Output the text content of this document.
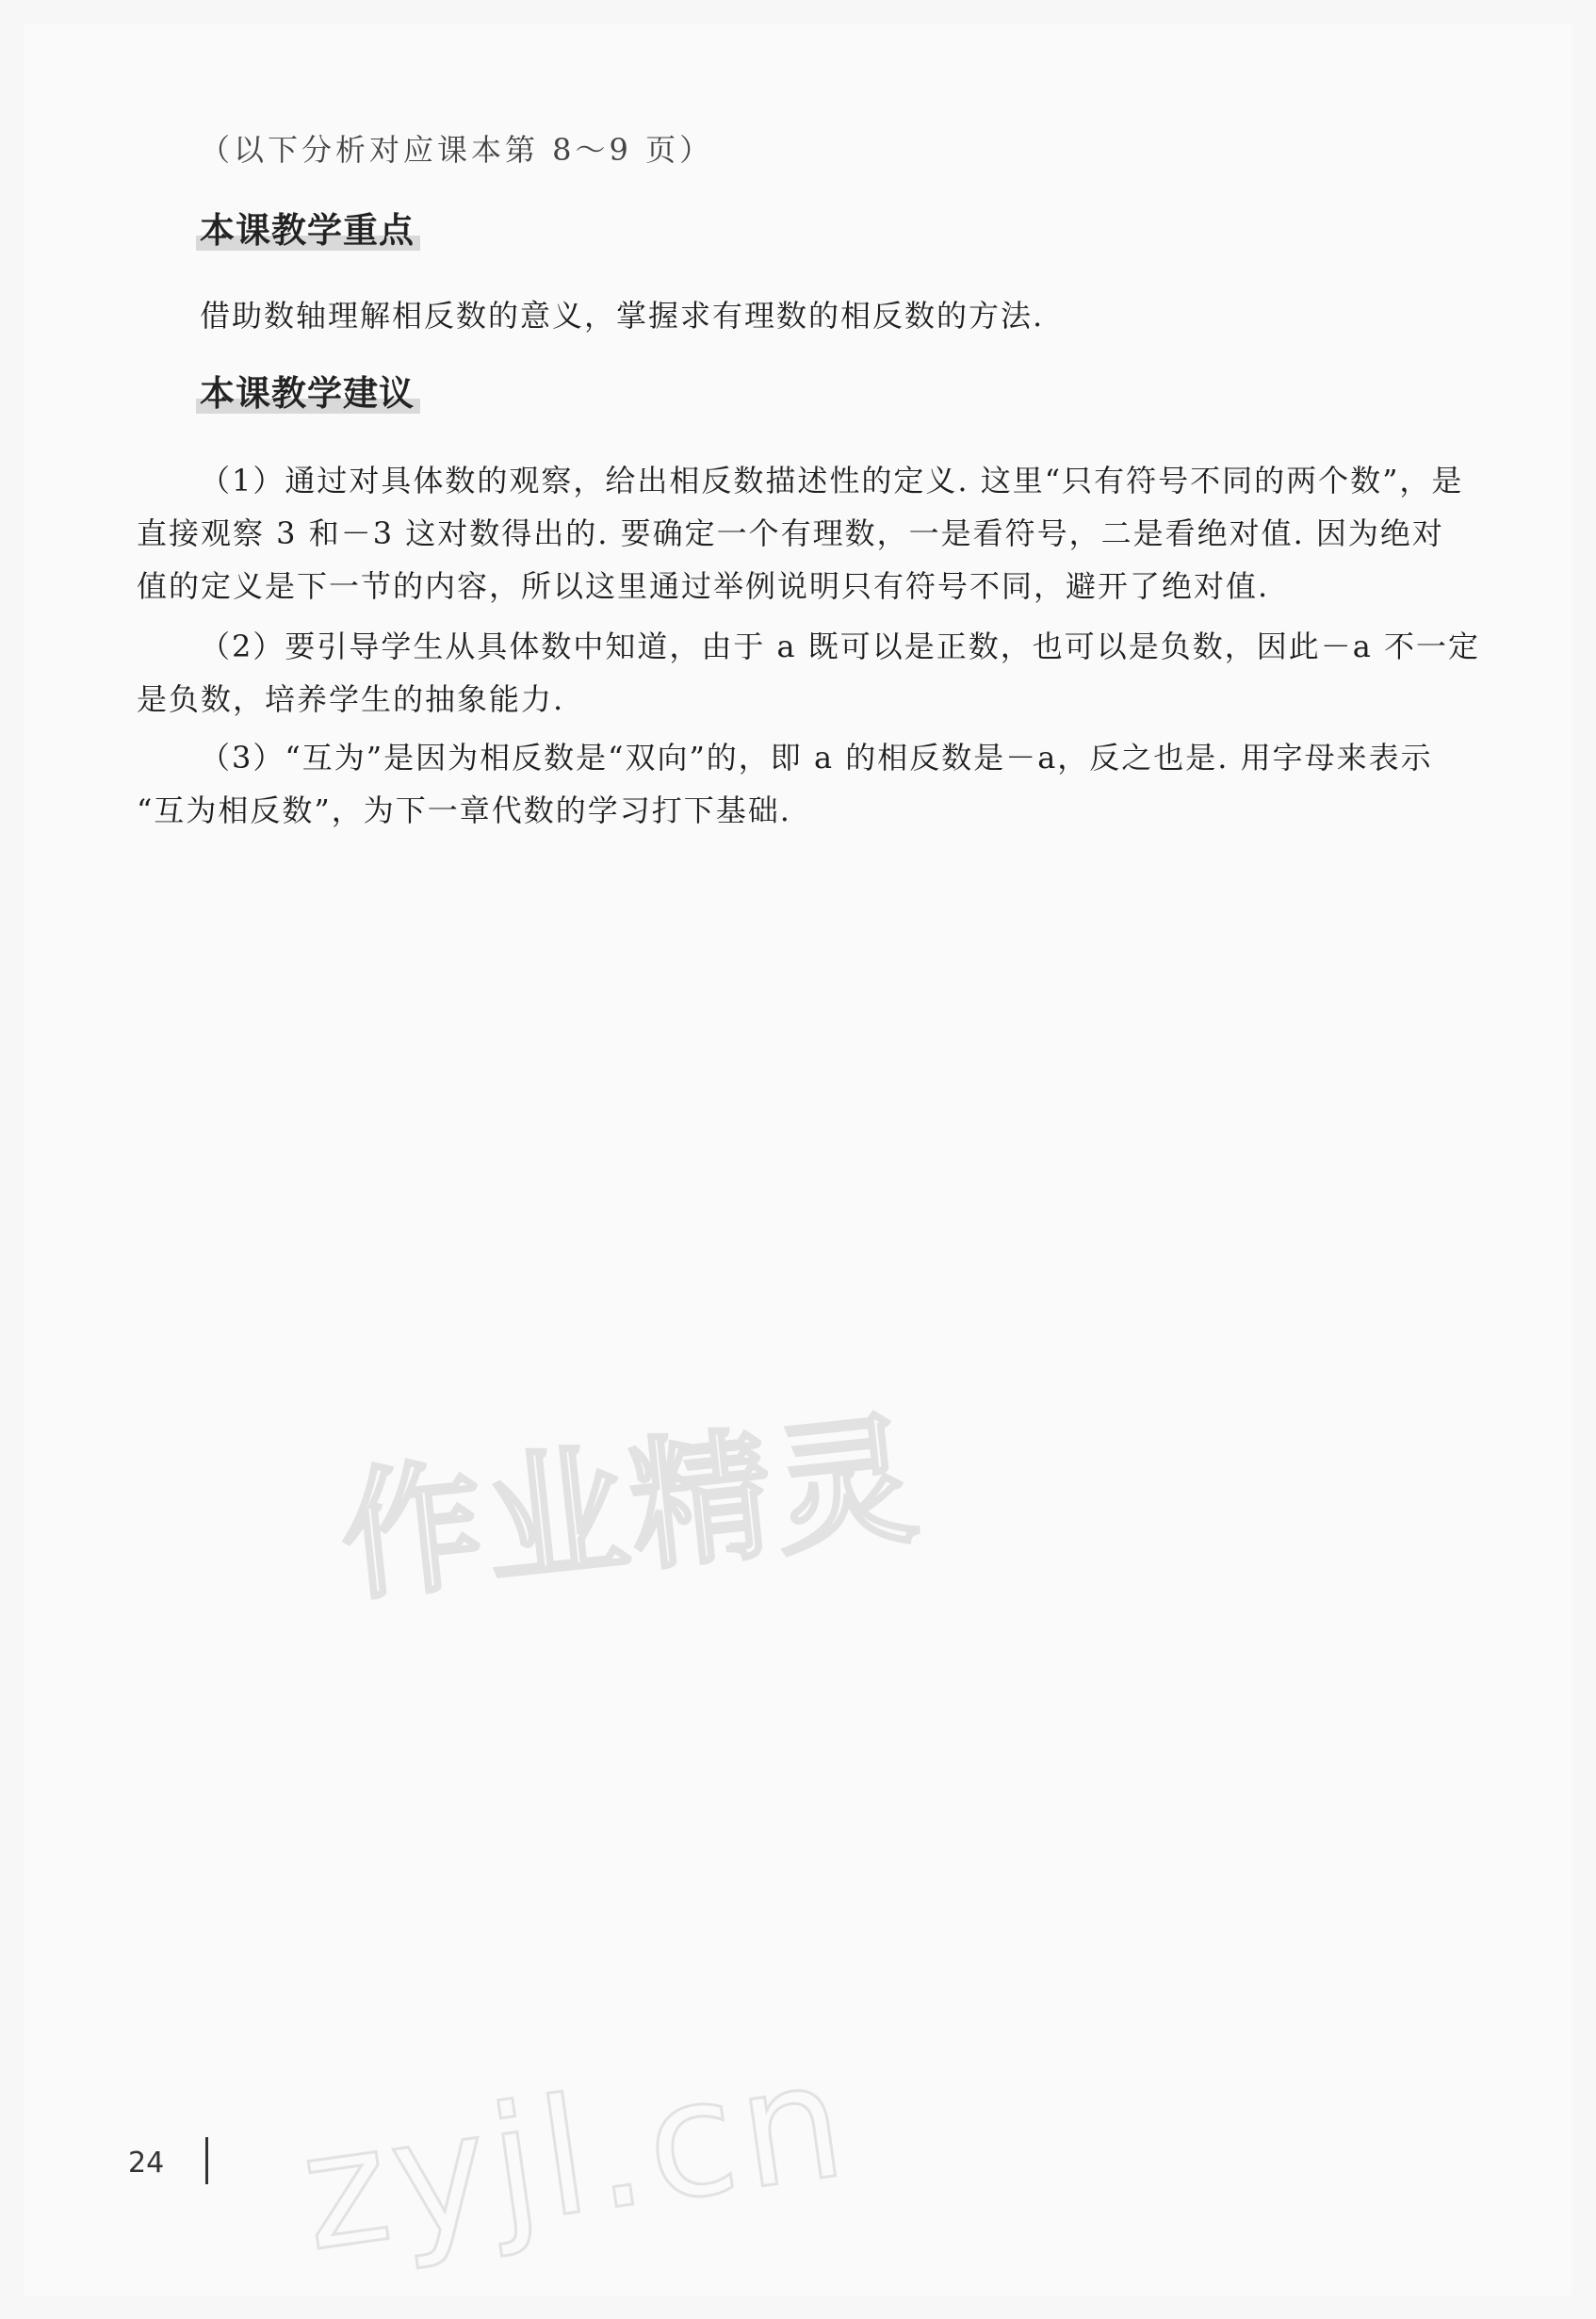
（以下分析对应课本第 8～9 页）
本课教学重点
借助数轴理解相反数的意义，掌握求有理数的相反数的方法.
本课教学建议
（1）通过对具体数的观察，给出相反数描述性的定义. 这里“只有符号不同的两个数”，是
直接观察 3 和－3 这对数得出的. 要确定一个有理数，一是看符号，二是看绝对值. 因为绝对
值的定义是下一节的内容，所以这里通过举例说明只有符号不同，避开了绝对值.
（2）要引导学生从具体数中知道，由于 a 既可以是正数，也可以是负数，因此－a 不一定
是负数，培养学生的抽象能力.
（3）“互为”是因为相反数是“双向”的，即 a 的相反数是－a，反之也是. 用字母来表示
“互为相反数”，为下一章代数的学习打下基础.
作业精灵
zyjl.cn
24
